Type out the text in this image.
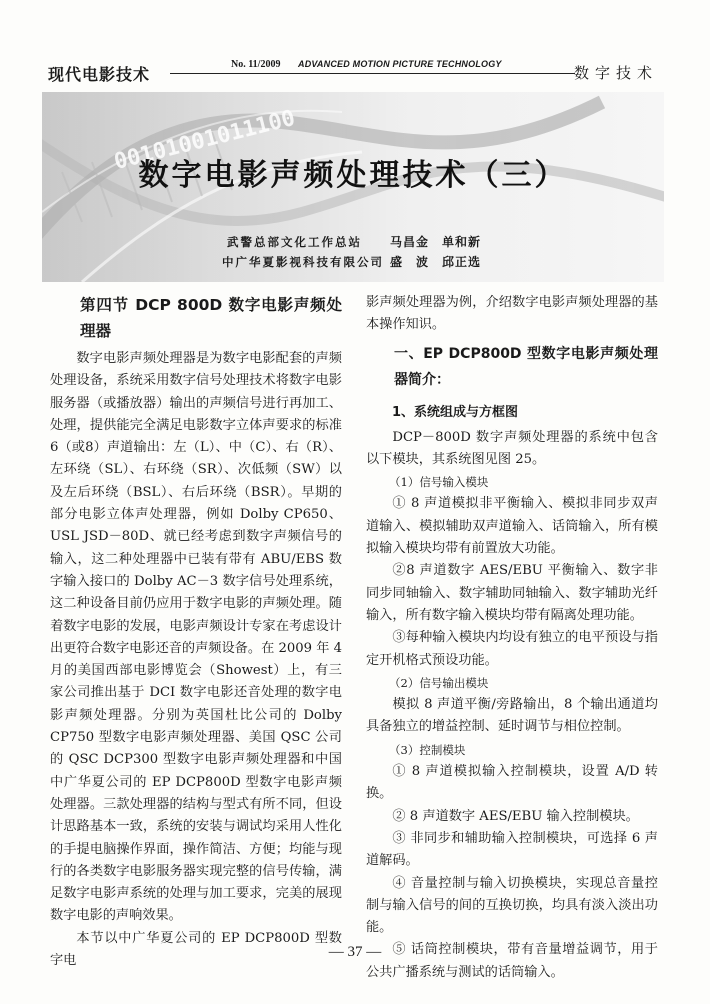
现代电影技术
No. 11/2009	ADVANCED MOTION PICTURE TECHNOLOGY	数字技术
00101001011100
数字电影声频处理技术（三）
武警总部文化工作总站 马昌金　单和新
中广华夏影视科技有限公司 盛　波　邱正选

第四节 DCP 800D 数字电影声频处理器

数字电影声频处理器是为数字电影配套的声频处理设备，系统采用数字信号处理技术将数字电影服务器（或播放器）输出的声频信号进行再加工、处理，提供能完全满足电影数字立体声要求的标准6（或8）声道输出：左（L）、中（C）、右（R）、左环绕（SL）、右环绕（SR）、次低频（SW）以及左后环绕（BSL）、右后环绕（BSR）。早期的部分电影立体声处理器，例如 Dolby CP650、USL JSD－80D、就已经考虑到数字声频信号的输入，这二种处理器中已装有带有 ABU/EBS 数字输入接口的 Dolby AC－3 数字信号处理系统，这二种设备目前仍应用于数字电影的声频处理。随着数字电影的发展，电影声频设计专家在考虑设计出更符合数字电影还音的声频设备。在 2009 年 4 月的美国西部电影博览会（Showest）上，有三家公司推出基于 DCI 数字电影还音处理的数字电影声频处理器。分别为英国杜比公司的 Dolby CP750 型数字电影声频处理器、美国 QSC 公司的 QSC DCP300 型数字电影声频处理器和中国中广华夏公司的 EP DCP800D 型数字电影声频处理器。三款处理器的结构与型式有所不同，但设计思路基本一致，系统的安装与调试均采用人性化的手提电脑操作界面，操作简洁、方便；均能与现行的各类数字电影服务器实现完整的信号传输，满足数字电影声系统的处理与加工要求，完美的展现数字电影的声响效果。

本节以中广华夏公司的 EP DCP800D 型数字电

影声频处理器为例，介绍数字电影声频处理器的基本操作知识。

一、EP DCP800D 型数字电影声频处理器简介：

1、系统组成与方框图

DCP－800D 数字声频处理器的系统中包含以下模块，其系统图见图 25。

（1）信号输入模块

① 8 声道模拟非平衡输入、模拟非同步双声道输入、模拟辅助双声道输入、话筒输入，所有模拟输入模块均带有前置放大功能。

②8 声道数字 AES/EBU 平衡输入、数字非同步同轴输入、数字辅助同轴输入、数字辅助光纤输入，所有数字输入模块均带有隔离处理功能。

③每种输入模块内均设有独立的电平预设与指定开机格式预设功能。

（2）信号输出模块

模拟 8 声道平衡/旁路输出，8 个输出通道均具备独立的增益控制、延时调节与相位控制。

（3）控制模块

① 8 声道模拟输入控制模块，设置 A/D 转换。

② 8 声道数字 AES/EBU 输入控制模块。

③ 非同步和辅助输入控制模块，可选择 6 声道解码。

④ 音量控制与输入切换模块，实现总音量控制与输入信号的间的互换切换，均具有淡入淡出功能。

⑤ 话筒控制模块，带有音量增益调节，用于公共广播系统与测试的话筒输入。

— 37 —
